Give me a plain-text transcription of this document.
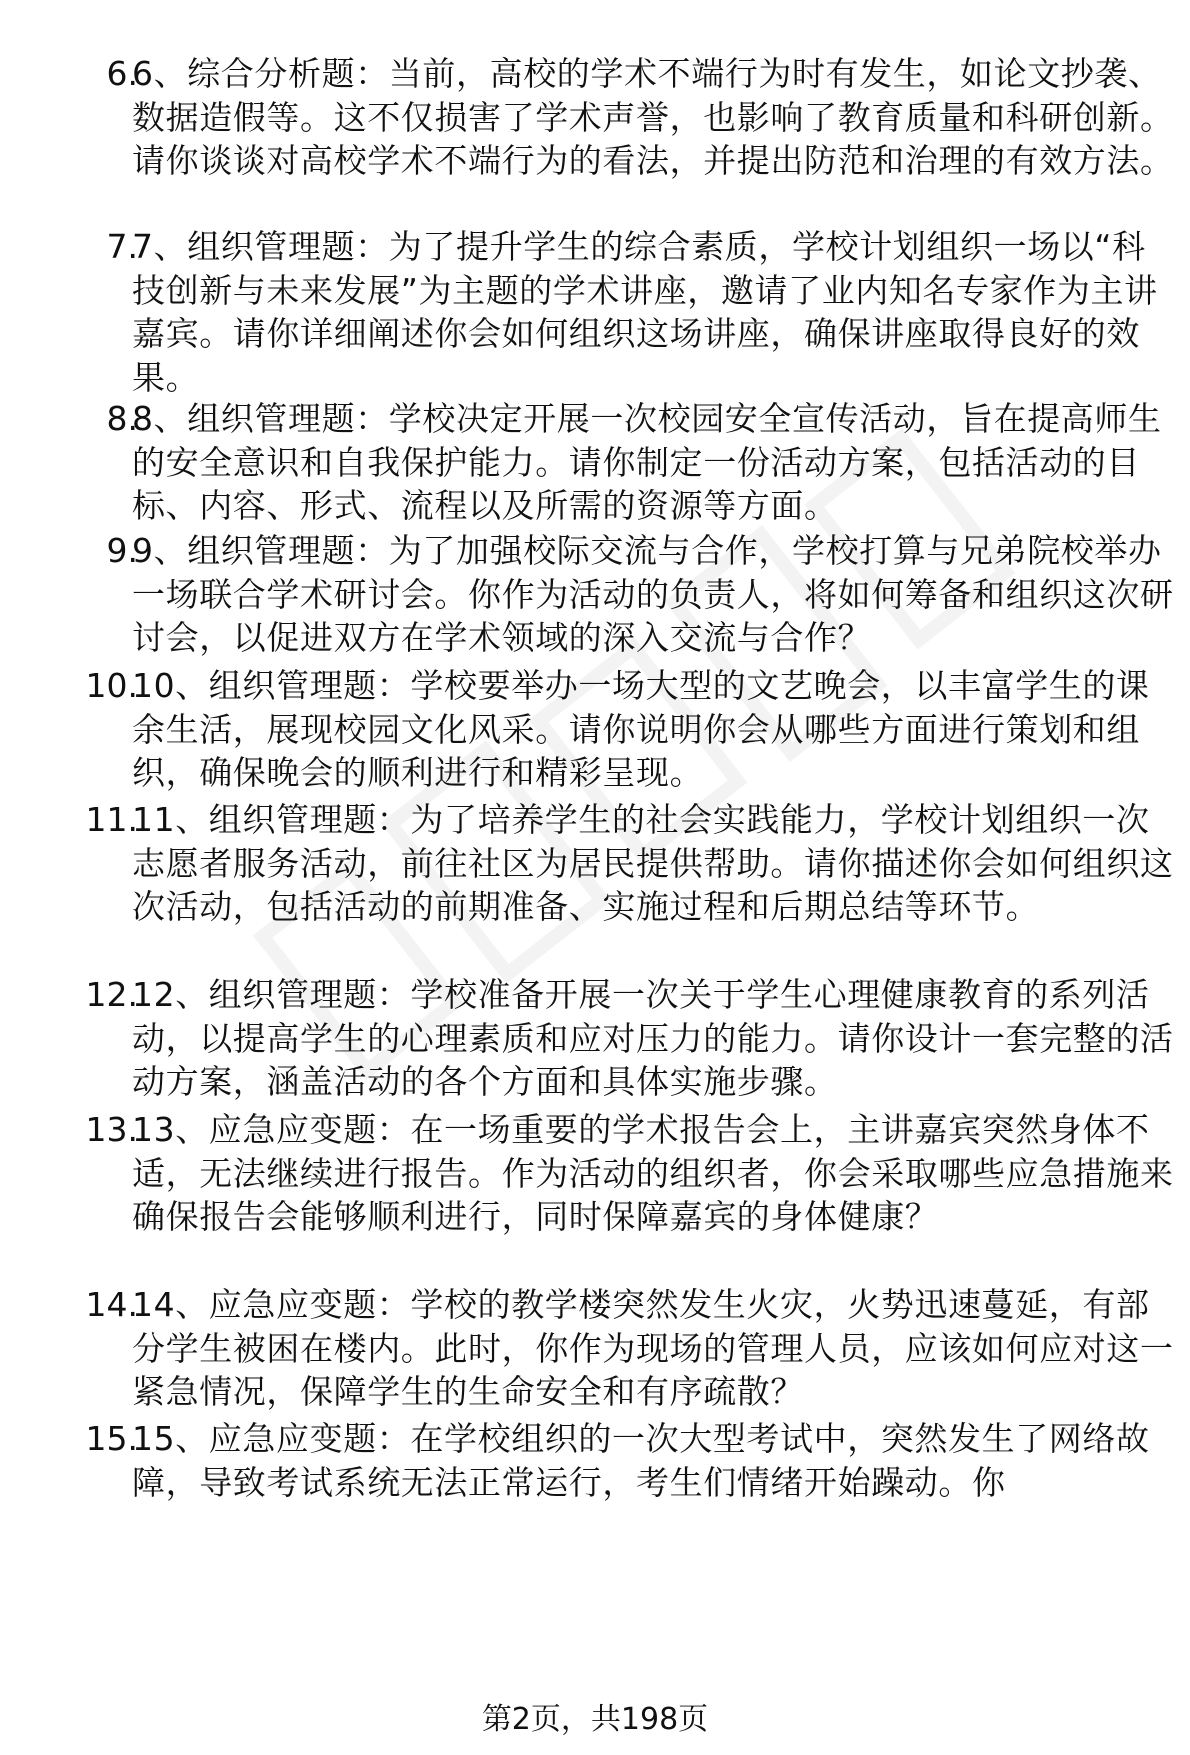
6.
6、综合分析题：当前，高校的学术不端行为时有发生，如论文抄袭、数据造假等。这不仅损害了学术声誉，也影响了教育质量和科研创新。请你谈谈对高校学术不端行为的看法，并提出防范和治理的有效方法。
7.
7、组织管理题：为了提升学生的综合素质，学校计划组织一场以“科技创新与未来发展”为主题的学术讲座，邀请了业内知名专家作为主讲嘉宾。请你详细阐述你会如何组织这场讲座，确保讲座取得良好的效果。
8.
8、组织管理题：学校决定开展一次校园安全宣传活动，旨在提高师生的安全意识和自我保护能力。请你制定一份活动方案，包括活动的目标、内容、形式、流程以及所需的资源等方面。
9.
9、组织管理题：为了加强校际交流与合作，学校打算与兄弟院校举办一场联合学术研讨会。你作为活动的负责人，将如何筹备和组织这次研讨会，以促进双方在学术领域的深入交流与合作？
10.
10、组织管理题：学校要举办一场大型的文艺晚会，以丰富学生的课余生活，展现校园文化风采。请你说明你会从哪些方面进行策划和组织，确保晚会的顺利进行和精彩呈现。
11.
11、组织管理题：为了培养学生的社会实践能力，学校计划组织一次志愿者服务活动，前往社区为居民提供帮助。请你描述你会如何组织这次活动，包括活动的前期准备、实施过程和后期总结等环节。
12.
12、组织管理题：学校准备开展一次关于学生心理健康教育的系列活动，以提高学生的心理素质和应对压力的能力。请你设计一套完整的活动方案，涵盖活动的各个方面和具体实施步骤。
13.
13、应急应变题：在一场重要的学术报告会上，主讲嘉宾突然身体不适，无法继续进行报告。作为活动的组织者，你会采取哪些应急措施来确保报告会能够顺利进行，同时保障嘉宾的身体健康？
14.
14、应急应变题：学校的教学楼突然发生火灾，火势迅速蔓延，有部分学生被困在楼内。此时，你作为现场的管理人员，应该如何应对这一紧急情况，保障学生的生命安全和有序疏散？
15.
15、应急应变题：在学校组织的一次大型考试中，突然发生了网络故障，导致考试系统无法正常运行，考生们情绪开始躁动。你
第2页，共198页
